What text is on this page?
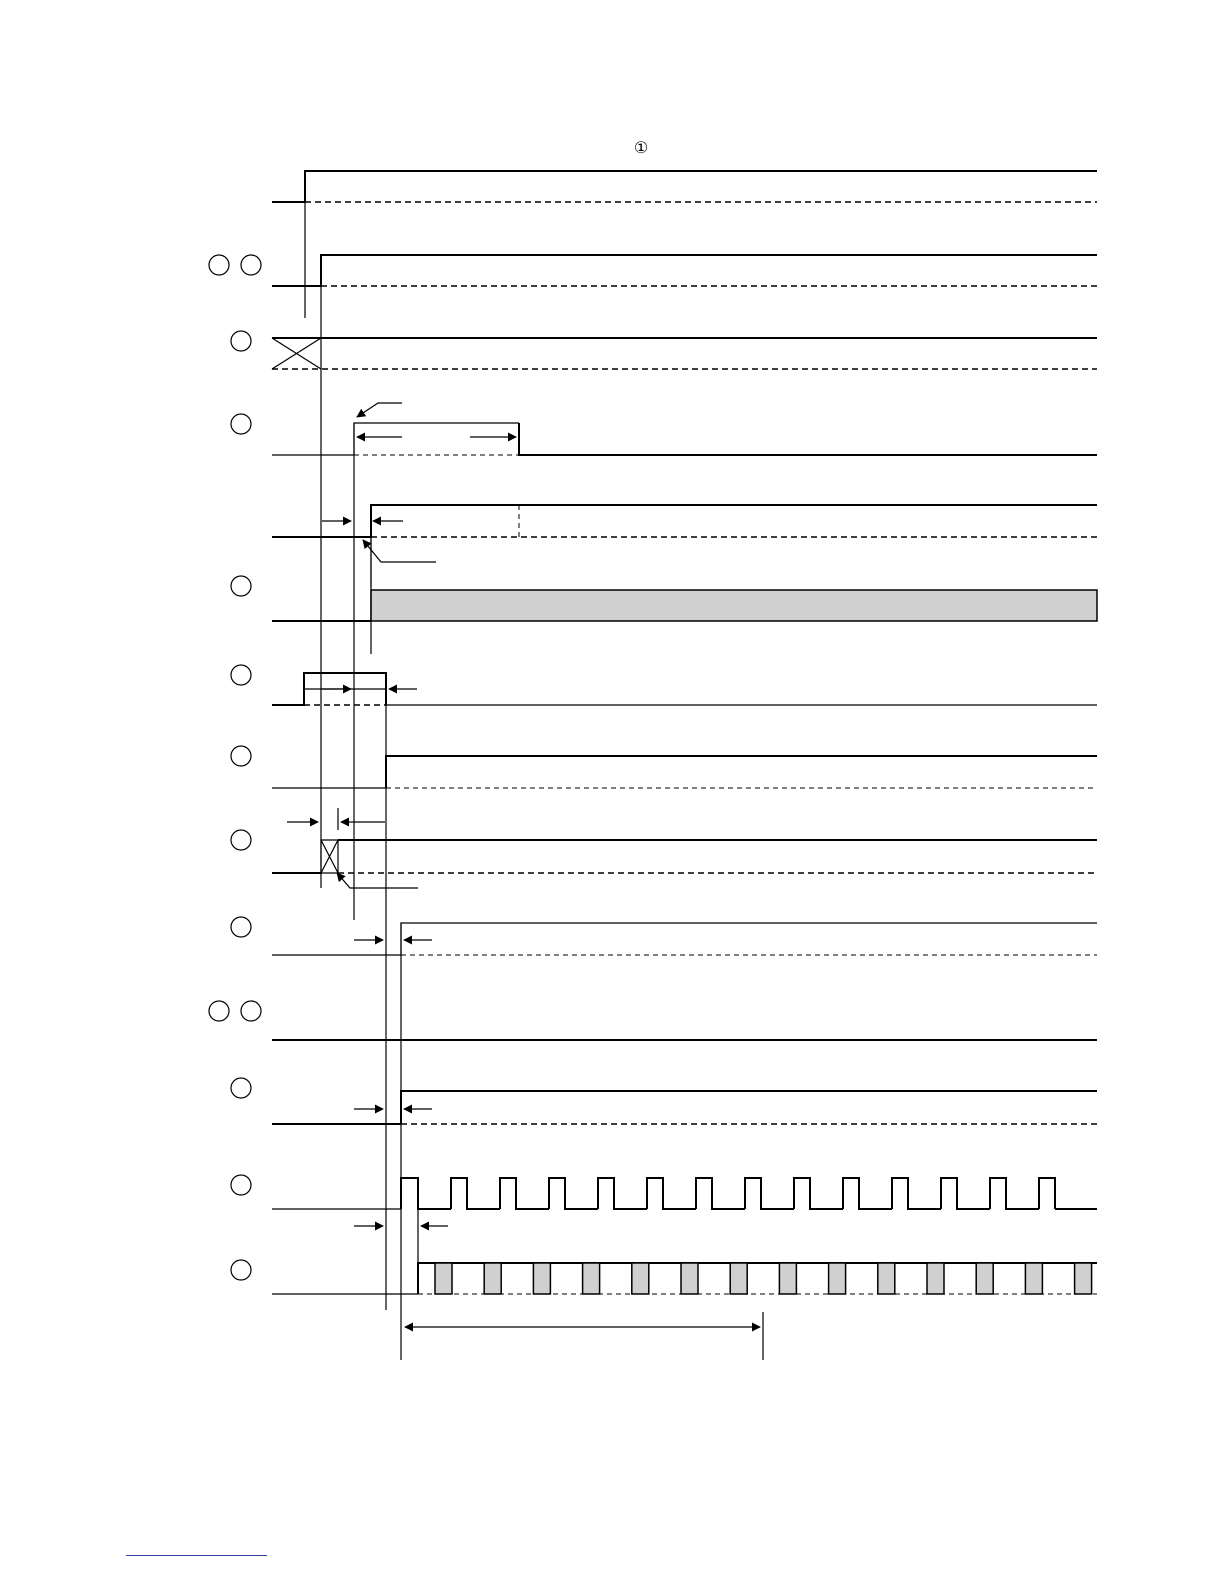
①
